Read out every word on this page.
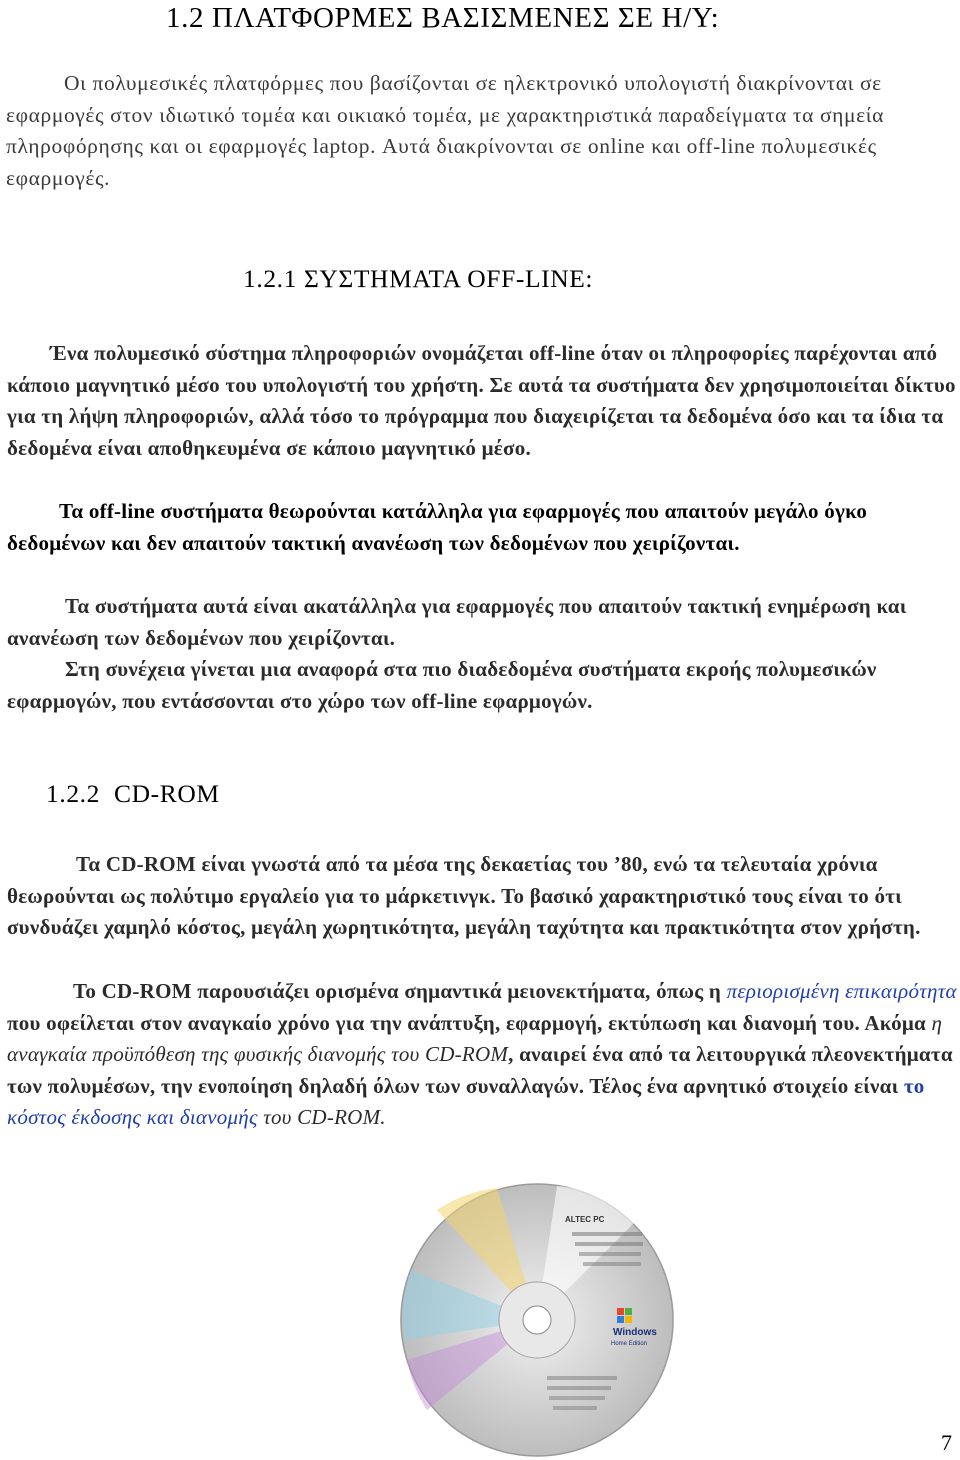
1.2 ΠΛΑΤΦΟΡΜΕΣ ΒΑΣΙΣΜΕΝΕΣ ΣΕ Η/Υ:

Οι πολυμεσικές πλατφόρμες που βασίζονται σε ηλεκτρονικό υπολογιστή διακρίνονται σε εφαρμογές στον ιδιωτικό τομέα και οικιακό τομέα, με χαρακτηριστικά παραδείγματα τα σημεία πληροφόρησης και οι εφαρμογές laptop. Αυτά διακρίνονται σε online και off-line πολυμεσικές εφαρμογές.

1.2.1 ΣΥΣΤΗΜΑΤΑ OFF-LINE:

Ένα πολυμεσικό σύστημα πληροφοριών ονομάζεται off-line όταν οι πληροφορίες παρέχονται από κάποιο μαγνητικό μέσο του υπολογιστή του χρήστη. Σε αυτά τα συστήματα δεν χρησιμοποιείται δίκτυο για τη λήψη πληροφοριών, αλλά τόσο το πρόγραμμα που διαχειρίζεται τα δεδομένα όσο και τα ίδια τα δεδομένα είναι αποθηκευμένα σε κάποιο μαγνητικό μέσο.

Τα off-line συστήματα θεωρούνται κατάλληλα για εφαρμογές που απαιτούν μεγάλο όγκο δεδομένων και δεν απαιτούν τακτική ανανέωση των δεδομένων που χειρίζονται.

Τα συστήματα αυτά είναι ακατάλληλα για εφαρμογές που απαιτούν τακτική ενημέρωση και ανανέωση των δεδομένων που χειρίζονται.

Στη συνέχεια γίνεται μια αναφορά στα πιο διαδεδομένα συστήματα εκροής πολυμεσικών εφαρμογών, που εντάσσονται στο χώρο των off-line εφαρμογών.

1.2.2 CD-ROM

Τα CD-ROM είναι γνωστά από τα μέσα της δεκαετίας του ’80, ενώ τα τελευταία χρόνια θεωρούνται ως πολύτιμο εργαλείο για το μάρκετινγκ. Το βασικό χαρακτηριστικό τους είναι το ότι συνδυάζει χαμηλό κόστος, μεγάλη χωρητικότητα, μεγάλη ταχύτητα και πρακτικότητα στον χρήστη.

Το CD-ROM παρουσιάζει ορισμένα σημαντικά μειονεκτήματα, όπως η περιορισμένη επικαιρότητα που οφείλεται στον αναγκαίο χρόνο για την ανάπτυξη, εφαρμογή, εκτύπωση και διανομή του. Ακόμα η αναγκαία προϋπόθεση της φυσικής διανομής του CD-ROM, αναιρεί ένα από τα λειτουργικά πλεονεκτήματα των πολυμέσων, την ενοποίηση δηλαδή όλων των συναλλαγών. Τέλος ένα αρνητικό στοιχείο είναι το κόστος έκδοσης και διανομής του CD-ROM.

ALTEC PC
Windows
Home Edition
7
